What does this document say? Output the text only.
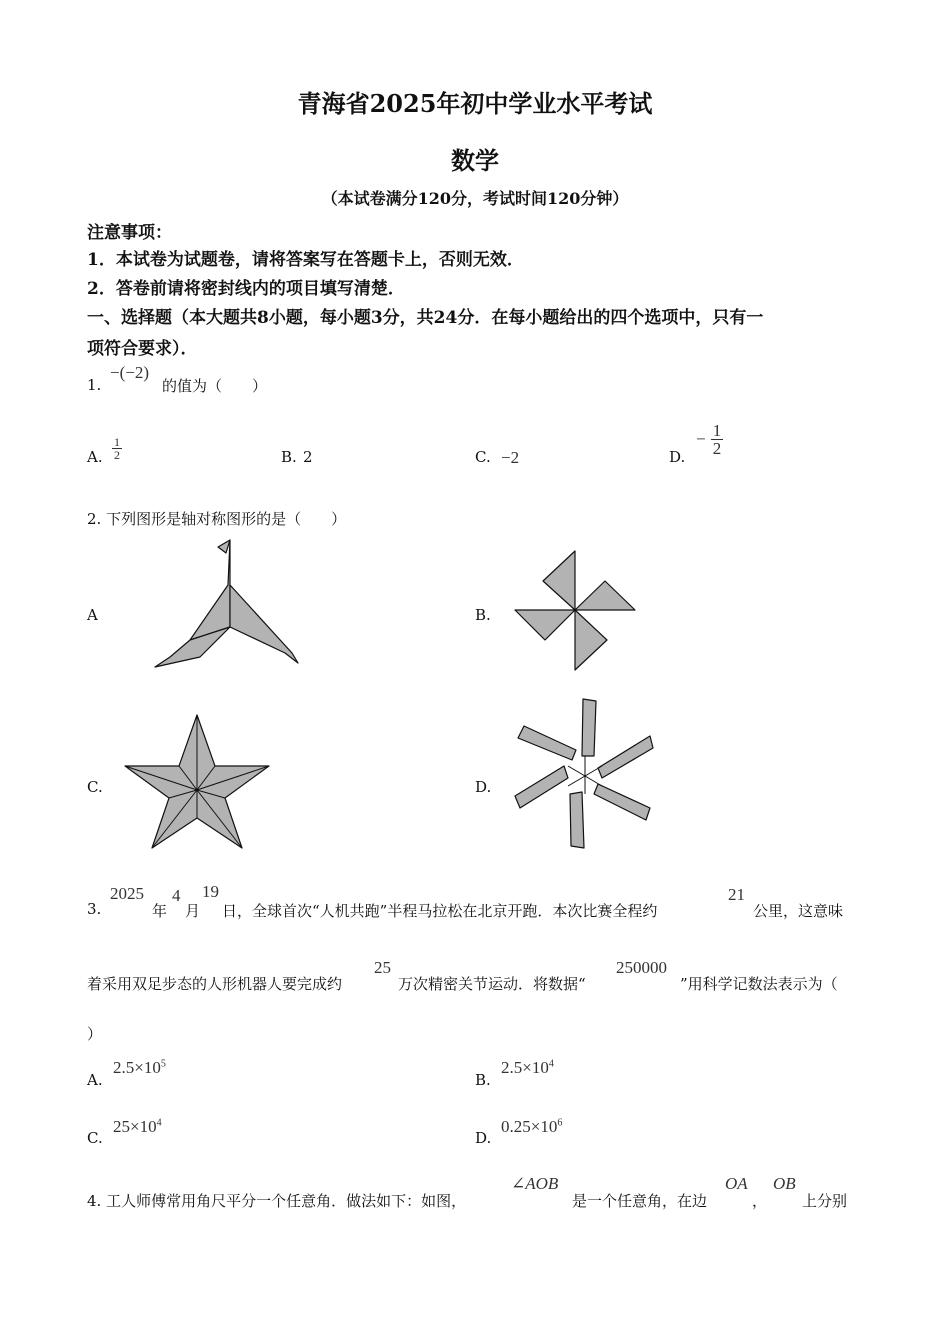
青海省2025年初中学业水平考试
数学
（本试卷满分120分，考试时间120分钟）
注意事项：
1．本试卷为试题卷，请将答案写在答题卡上，否则无效．
2．答卷前请将密封线内的项目填写清楚．
一、选择题（本大题共8小题，每小题3分，共24分．在每小题给出的四个选项中，只有一
项符合要求）．
1.
−(−2)
的值为（　　）
A. $\frac{1}{2}$	B. 2	C. −2	D.
− $\frac{1}{2}$
2. 下列图形是轴对称图形的是（　　）
A	B.
C.	D.
3.
2025
年
4
月
19
日，全球首次“人机共跑”半程马拉松在北京开跑．本次比赛全程约
21
公里，这意味
着采用双足步态的人形机器人要完成约
25
万次精密关节运动．将数据“
250000
”用科学记数法表示为（
）
A.
$2.5\times 10^5$
B.
$2.5\times 10^4$
C.
$25\times 10^4$
D.
$0.25\times 10^6$
4. 工人师傅常用角尺平分一个任意角．做法如下：如图，
∠AOB
是一个任意角，在边
OA
，
OB
上分别
